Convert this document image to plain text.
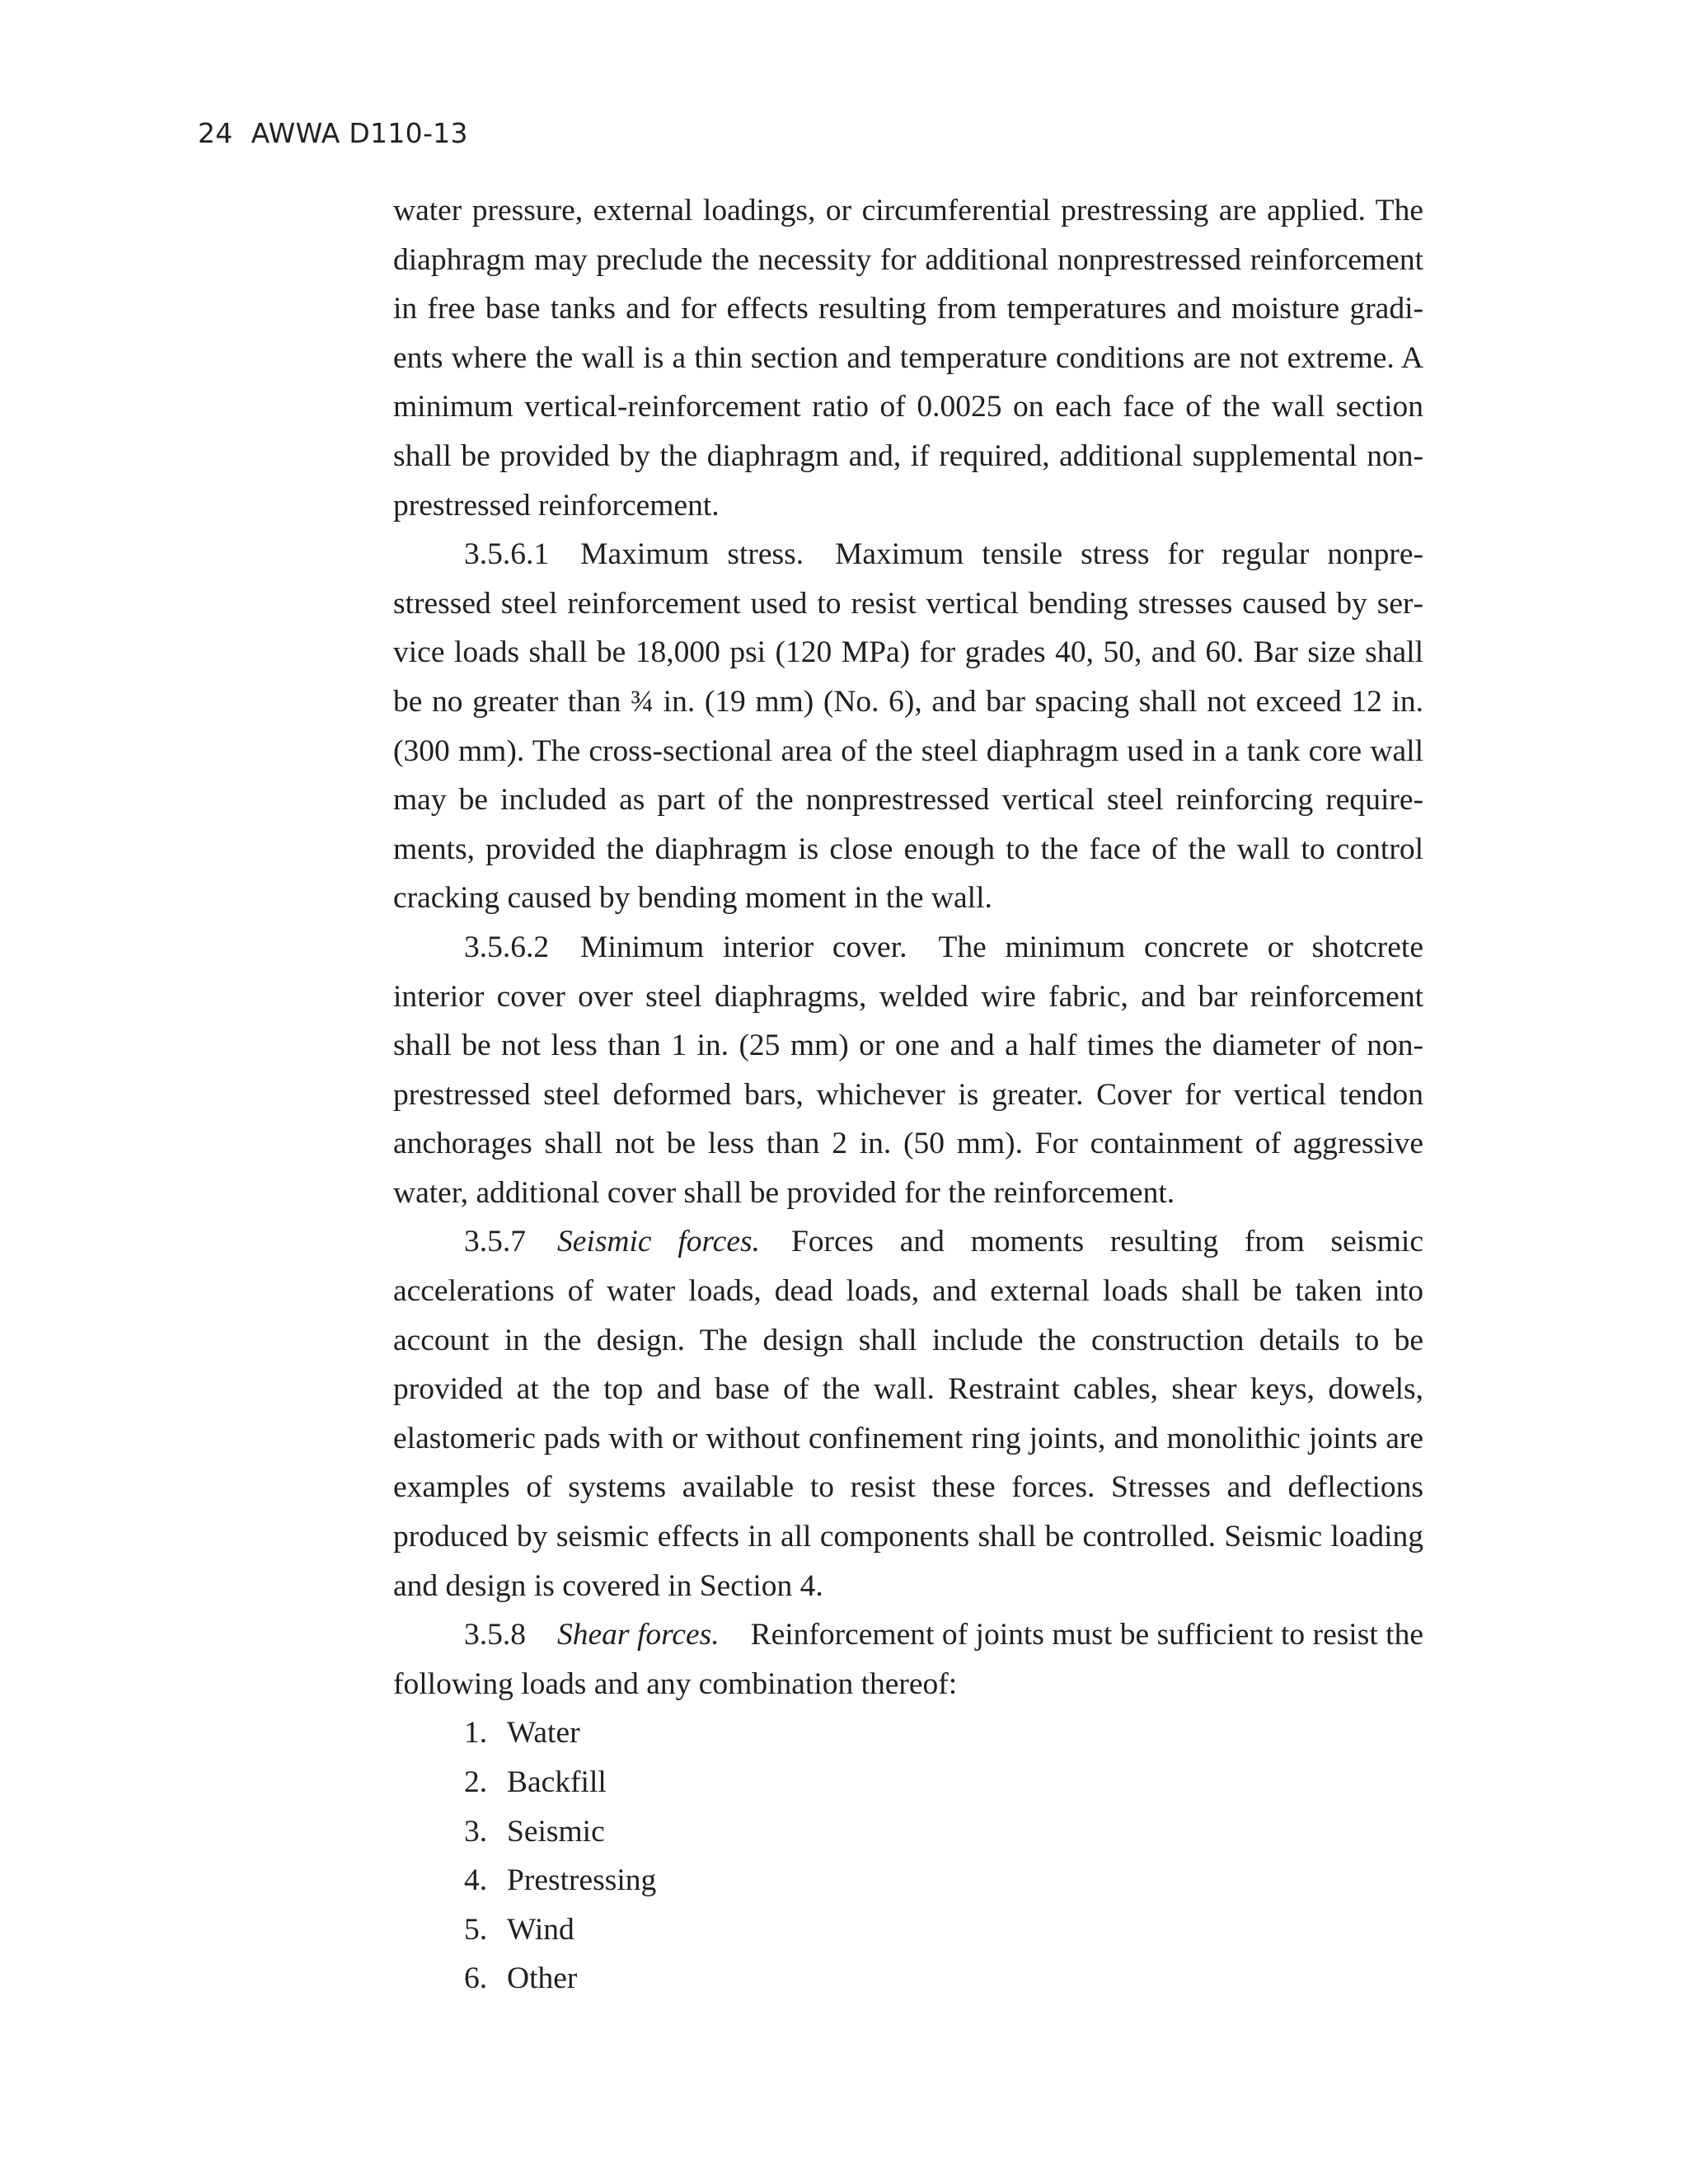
24 AWWA D110-13

water pressure, external loadings, or circumferential prestressing are applied. The diaphragm may preclude the necessity for additional nonprestressed reinforcement in free base tanks and for effects resulting from temperatures and moisture gradients where the wall is a thin section and temperature conditions are not extreme. A minimum vertical-reinforcement ratio of 0.0025 on each face of the wall section shall be provided by the diaphragm and, if required, additional supplemental nonprestressed reinforcement.

3.5.6.1 Maximum stress. Maximum tensile stress for regular nonprestressed steel reinforcement used to resist vertical bending stresses caused by service loads shall be 18,000 psi (120 MPa) for grades 40, 50, and 60. Bar size shall be no greater than ¾ in. (19 mm) (No. 6), and bar spacing shall not exceed 12 in. (300 mm). The cross-sectional area of the steel diaphragm used in a tank core wall may be included as part of the nonprestressed vertical steel reinforcing requirements, provided the diaphragm is close enough to the face of the wall to control cracking caused by bending moment in the wall.

3.5.6.2 Minimum interior cover. The minimum concrete or shotcrete interior cover over steel diaphragms, welded wire fabric, and bar reinforcement shall be not less than 1 in. (25 mm) or one and a half times the diameter of nonprestressed steel deformed bars, whichever is greater. Cover for vertical tendon anchorages shall not be less than 2 in. (50 mm). For containment of aggressive water, additional cover shall be provided for the reinforcement.

3.5.7 Seismic forces. Forces and moments resulting from seismic accelerations of water loads, dead loads, and external loads shall be taken into account in the design. The design shall include the construction details to be provided at the top and base of the wall. Restraint cables, shear keys, dowels, elastomeric pads with or without confinement ring joints, and monolithic joints are examples of systems available to resist these forces. Stresses and deflections produced by seismic effects in all components shall be controlled. Seismic loading and design is covered in Section 4.

3.5.8 Shear forces. Reinforcement of joints must be sufficient to resist the following loads and any combination thereof:

1. Water
2. Backfill
3. Seismic
4. Prestressing
5. Wind
6. Other
